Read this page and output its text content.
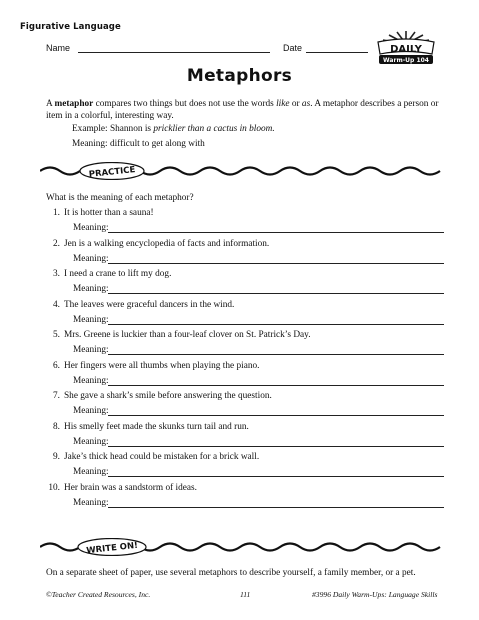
Figurative Language
Name	Date	DAILY
Warm-Up 104
Metaphors
A metaphor compares two things but does not use the words like or as. A metaphor describes a person or item in a colorful, interesting way.
Example: Shannon is pricklier than a cactus in bloom.
Meaning: difficult to get along with
PRACTICE
What is the meaning of each metaphor?
1. It is hotter than a sauna!
Meaning:
2. Jen is a walking encyclopedia of facts and information.
Meaning:
3. I need a crane to lift my dog.
Meaning:
4. The leaves were graceful dancers in the wind.
Meaning:
5. Mrs. Greene is luckier than a four-leaf clover on St. Patrick’s Day.
Meaning:
6. Her fingers were all thumbs when playing the piano.
Meaning:
7. She gave a shark’s smile before answering the question.
Meaning:
8. His smelly feet made the skunks turn tail and run.
Meaning:
9. Jake’s thick head could be mistaken for a brick wall.
Meaning:
10. Her brain was a sandstorm of ideas.
Meaning:
WRITE ON!
On a separate sheet of paper, use several metaphors to describe yourself, a family member, or a pet.
©Teacher Created Resources, Inc.	111	#3996 Daily Warm-Ups: Language Skills
